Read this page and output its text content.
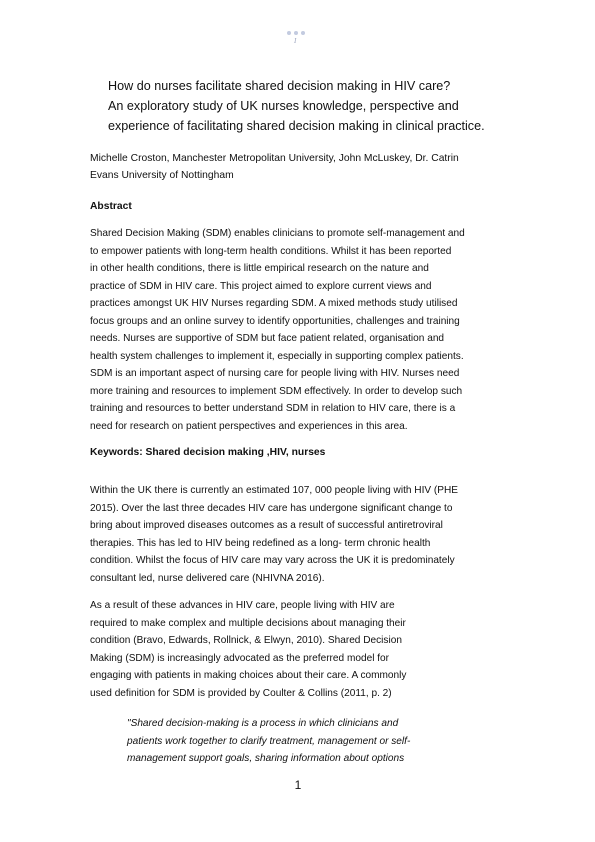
I
How do nurses facilitate shared decision making in HIV care?
An exploratory study of UK nurses knowledge, perspective and
experience of facilitating shared decision making in clinical practice.

Michelle Croston, Manchester Metropolitan University, John McLuskey, Dr. Catrin
Evans University of Nottingham

Abstract

Shared Decision Making (SDM) enables clinicians to promote self-management and
to empower patients with long-term health conditions. Whilst it has been reported
in other health conditions, there is little empirical research on the nature and
practice of SDM in HIV care. This project aimed to explore current views and
practices amongst UK HIV Nurses regarding SDM. A mixed methods study utilised
focus groups and an online survey to identify opportunities, challenges and training
needs. Nurses are supportive of SDM but face patient related, organisation and
health system challenges to implement it, especially in supporting complex patients.
SDM is an important aspect of nursing care for people living with HIV. Nurses need
more training and resources to implement SDM effectively. In order to develop such
training and resources to better understand SDM in relation to HIV care, there is a
need for research on patient perspectives and experiences in this area.

Keywords: Shared decision making ,HIV, nurses

Within the UK there is currently an estimated 107, 000 people living with HIV (PHE
2015). Over the last three decades HIV care has undergone significant change to
bring about improved diseases outcomes as a result of successful antiretroviral
therapies. This has led to HIV being redefined as a long- term chronic health
condition. Whilst the focus of HIV care may vary across the UK it is predominately
consultant led, nurse delivered care (NHIVNA 2016).

As a result of these advances in HIV care, people living with HIV are
required to make complex and multiple decisions about managing their
condition (Bravo, Edwards, Rollnick, & Elwyn, 2010). Shared Decision
Making (SDM) is increasingly advocated as the preferred model for
engaging with patients in making choices about their care. A commonly
used definition for SDM is provided by Coulter & Collins (2011, p. 2)

"Shared decision-making is a process in which clinicians and
patients work together to clarify treatment, management or self-
management support goals, sharing information about options
1
